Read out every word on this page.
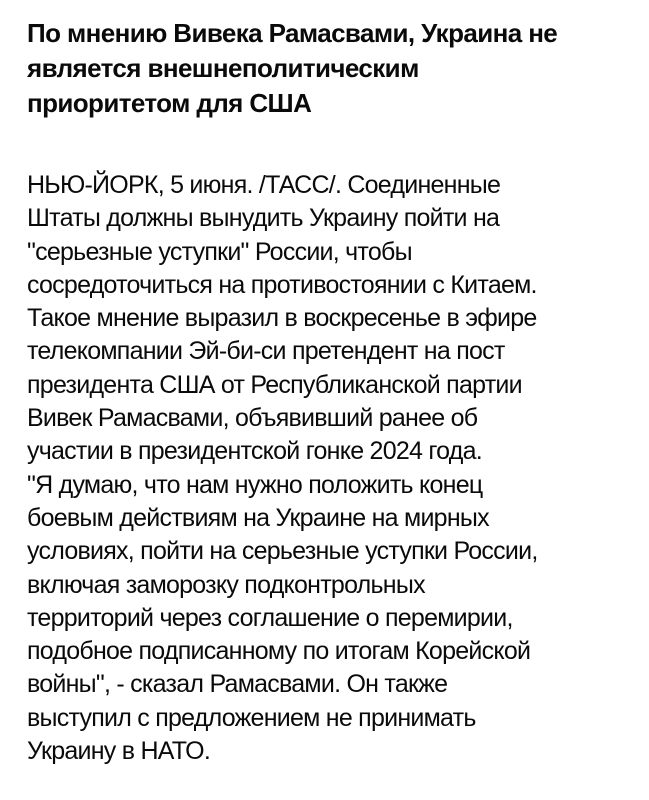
По мнению Вивека Рамасвами, Украина не
является внешнеполитическим
приоритетом для США
НЬЮ-ЙОРК, 5 июня. /ТАСС/. Соединенные
Штаты должны вынудить Украину пойти на
"серьезные уступки" России, чтобы
сосредоточиться на противостоянии с Китаем.
Такое мнение выразил в воскресенье в эфире
телекомпании Эй-би-си претендент на пост
президента США от Республиканской партии
Вивек Рамасвами, объявивший ранее об
участии в президентской гонке 2024 года.
"Я думаю, что нам нужно положить конец
боевым действиям на Украине на мирных
условиях, пойти на серьезные уступки России,
включая заморозку подконтрольных
территорий через соглашение о перемирии,
подобное подписанному по итогам Корейской
войны", - сказал Рамасвами. Он также
выступил с предложением не принимать
Украину в НАТО.
